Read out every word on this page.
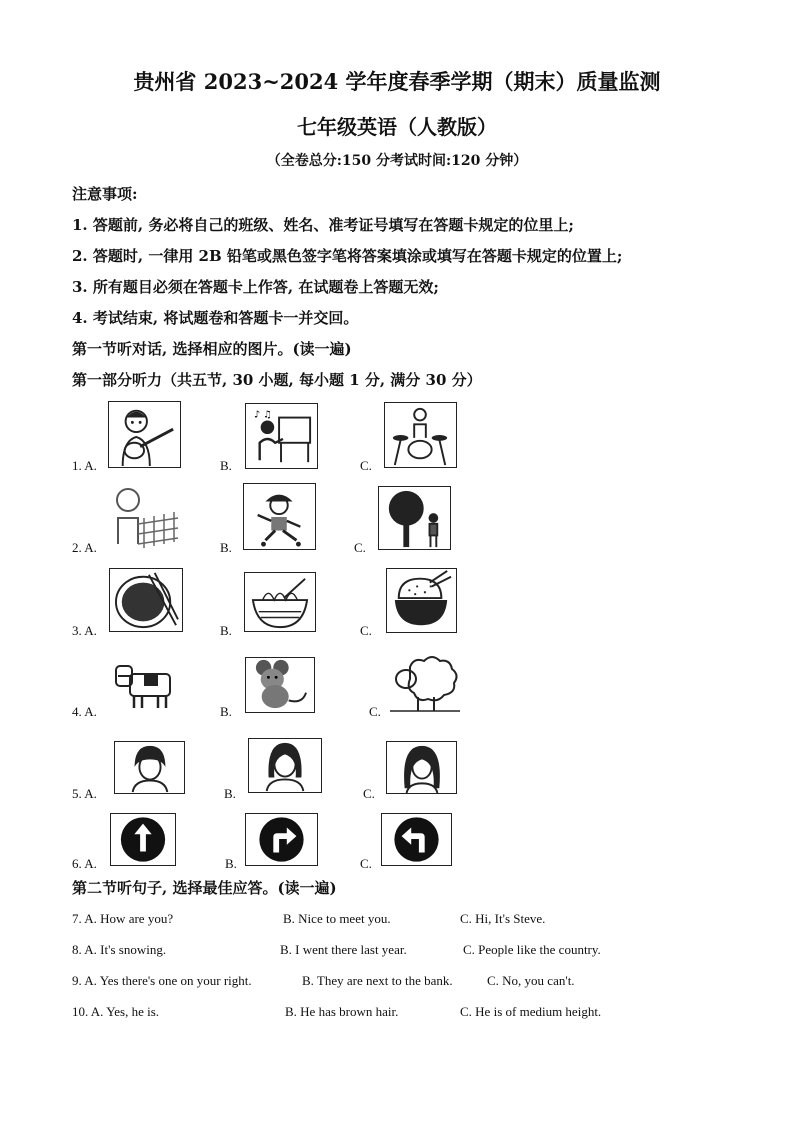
贵州省 2023~2024 学年度春季学期（期末）质量监测
七年级英语（人教版）
（全卷总分:150 分考试时间:120 分钟）
注意事项:
1. 答题前, 务必将自己的班级、姓名、准考证号填写在答题卡规定的位里上;
2. 答题时, 一律用 2B 铅笔或黑色签字笔将答案填涂或填写在答题卡规定的位置上;
3. 所有题目必须在答题卡上作答, 在试题卷上答题无效;
4. 考试结束, 将试题卷和答题卡一并交回。
第一节听对话, 选择相应的图片。(读一遍)
第一部分听力（共五节, 30 小题, 每小题 1 分, 满分 30 分）
1. A.	B.	C.
♪ ♫
2. A.	B.	C.
3. A.	B.	C.
4. A.	B.	C.
5. A.	B.	C.
6. A.	B.	C.
第二节听句子, 选择最佳应答。(读一遍)
7. A. How are you?	B. Nice to meet you.	C. Hi, It's Steve.
8. A. It's snowing.	B. I went there last year.	C. People like the country.
9. A. Yes there's one on your right.	B. They are next to the bank.	C. No, you can't.
10. A. Yes, he is.	B. He has brown hair.	C. He is of medium height.
